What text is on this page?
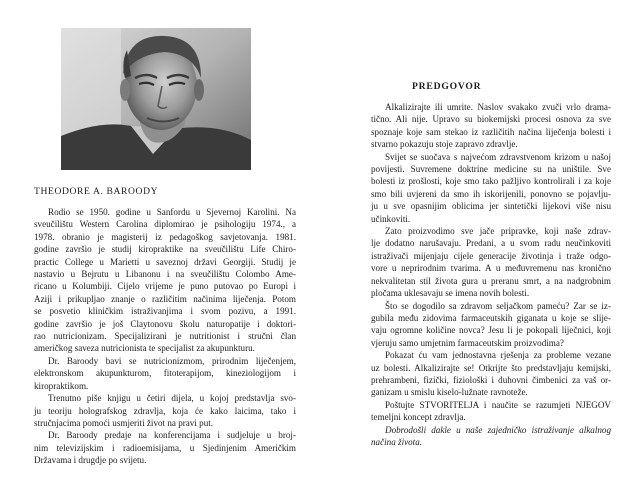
THEODORE A. BAROODY
Rodio se 1950. godine u Sanfordu u Sjevernoj Karolini. Na
sveučilištu Western Carolina diplomirao je psihologiju 1974., a
1978. obranio je magisterij iz pedagoškog savjetovanja. 1981.
godine završio je studij kiropraktike na sveučilištu Life Chiro-
practic College u Marietti u saveznoj državi Georgiji. Studij je
nastavio u Bejrutu u Libanonu i na sveučilištu Colombo Ame-
ricano u Kolumbiji. Cijelo vrijeme je puno putovao po Europi i
Aziji i prikupljao znanje o različitim načinima liječenja. Potom
se posvetio kliničkim istraživanjima i svom pozivu, a 1991.
godine završio je još Claytonovu školu naturopatije i doktori-
rao nutricionizam. Specijalizirani je nutritionist i stručni član
američkog saveza nutricionista te specijalist za akupunkturu.
Dr. Baroody bavi se nutricionizmom, prirodnim liječenjem,
elektronskom akupunkturom, fitoterapijom, kineziologijom i
kiropraktikom.
Trenutno piše knjigu u četiri dijela, u kojoj predstavlja svo-
ju teoriju holografskog zdravlja, koja će kako laicima, tako i
stručnjacima pomoći usmjeriti život na pravi put.
Dr. Baroody predaje na konferencijama i sudjeluje u broj-
nim televizijskim i radioemisijama, u Sjedinjenim Američkim
Državama i drugdje po svijetu.
PREDGOVOR
Alkalizirajte ili umrite. Naslov svakako zvuči vrlo drama-
tično. Ali nije. Upravo su biokemijski procesi osnova za sve
spoznaje koje sam stekao iz različitih načina liječenja bolesti i
stvarno pokazuju stoje zapravo zdravlje.
Svijet se suočava s najvećom zdravstvenom krizom u našoj
povijesti. Suvremene doktrine medicine su na uništile. Sve
bolesti iz prošlosti, koje smo tako pažljivo kontrolirali i za koje
smo bili uvjereni da smo ih iskorijenili, ponovno se pojavlju-
ju u sve opasnijim oblicima jer sintetički lijekovi više nisu
učinkoviti.
Zato proizvodimo sve jače pripravke, koji naše zdrav-
lje dodatno narušavaju. Predani, a u svom radu neučinkoviti
istraživači mijenjaju cijele generacije životinja i traže odgo-
vore u neprirodnim tvarima. A u međuvremenu nas kronično
nekvalitetan stil života gura u preranu smrt, a na nadgrobnim
pločama uklesavaju se imena novih bolesti.
Što se dogodilo sa zdravom seljačkom pameću? Zar se iz-
gubila među zidovima farmaceutskih giganata u koje se slije-
vaju ogromne količine novca? Jesu li je pokopali liječnici, koji
vjeruju samo umjetnim farmaceutskim proizvodima?
Pokazat ću vam jednostavna rješenja za probleme vezane
uz bolesti. Alkalizirajte se! Otkrijte što predstavljaju kemijski,
prehrambeni, fizički, fiziološki i duhovni čimbenici za vaš or-
ganizam u smislu kiselo-lužnate ravnoteže.
Poštujte STVORITELJA i naučite se razumjeti NJEGOV
temeljni koncept zdravlja.
Dobrodošli dakle u naše zajedničko istraživanje alkalnog
načina života.
